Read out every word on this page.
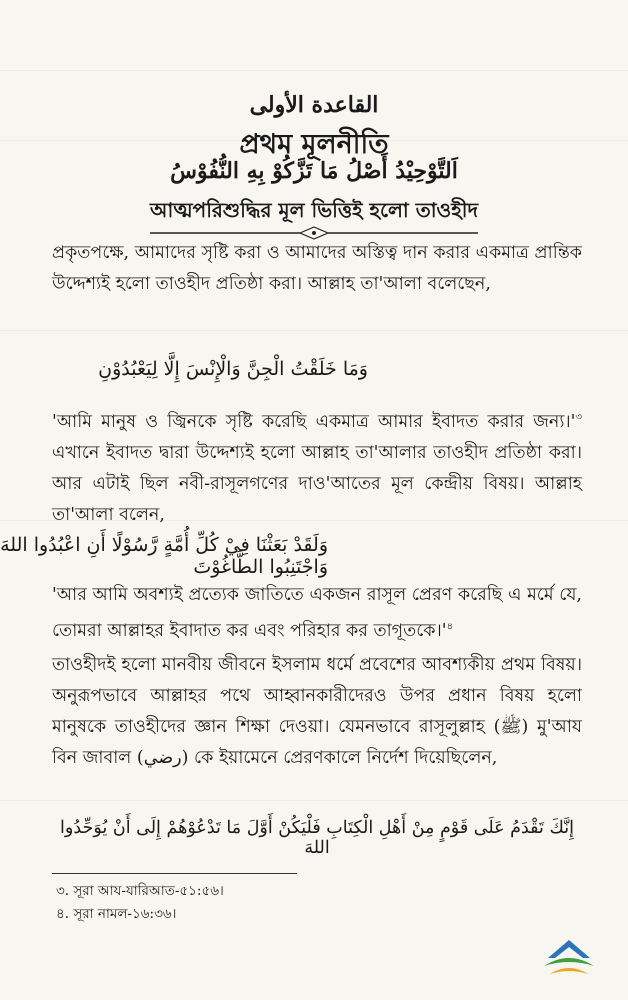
القاعدة الأولى
প্রথম মূলনীতি
اَلتَّوْحِيْدُ أَصْلُ مَا تَزَّكُوْ بِهِ النُّفُوْسُ
আত্মপরিশুদ্ধির মূল ভিত্তিই হলো তাওহীদ

প্রকৃতপক্ষে, আমাদের সৃষ্টি করা ও আমাদের অস্তিত্ব দান করার একমাত্র প্রান্তিক উদ্দেশ্যই হলো তাওহীদ প্রতিষ্ঠা করা। আল্লাহ তা'আলা বলেছেন,

وَمَا خَلَقْتُ الْجِنَّ وَالْإِنْسَ إِلَّا لِيَعْبُدُوْنِ

'আমি মানুষ ও জ্বিনকে সৃষ্টি করেছি একমাত্র আমার ইবাদত করার $জন্য।'^৩$ এখানে ইবাদত দ্বারা উদ্দেশ্যই হলো আল্লাহ তা'আলার তাওহীদ প্রতিষ্ঠা করা। আর এটাই ছিল নবী-রাসূলগণের দাও'আতের মূল কেন্দ্রীয় বিষয়। আল্লাহ তা'আলা বলেন,

وَلَقَدْ بَعَثْنَا فِيْ كُلِّ أُمَّةٍ رَّسُوْلًا أَنِ اعْبُدُوا اللهَ وَاجْتَنِبُوا الطَّاغُوْتَ

'আর আমি অবশ্যই প্রত্যেক জাতিতে একজন রাসূল প্রেরণ করেছি এ মর্মে যে, তোমরা আল্লাহর ইবাদাত কর এবং পরিহার কর $তাগূতকে।'^৪$

তাওহীদই হলো মানবীয় জীবনে ইসলাম ধর্মে প্রবেশের আবশ্যকীয় প্রথম বিষয়। অনুরূপভাবে আল্লাহর পথে আহ্বানকারীদেরও উপর প্রধান বিষয় হলো মানুষকে তাওহীদের জ্ঞান শিক্ষা দেওয়া। যেমনভাবে রাসূলুল্লাহ (ﷺ) মু'আয বিন জাবাল (رضي) কে ইয়ামেনে প্রেরণকালে নির্দেশ দিয়েছিলেন,

إِنَّكَ تَقْدَمُ عَلَى قَوْمٍ مِنْ أَهْلِ الْكِتَابِ فَلْيَكُنْ أَوَّلَ مَا تَدْعُوْهُمْ إِلَى أَنْ يُوَحِّدُوا اللهَ
৩. সূরা আয-যারিআত-৫১:৫৬।
৪. সূরা নামল-১৬:৩৬।
